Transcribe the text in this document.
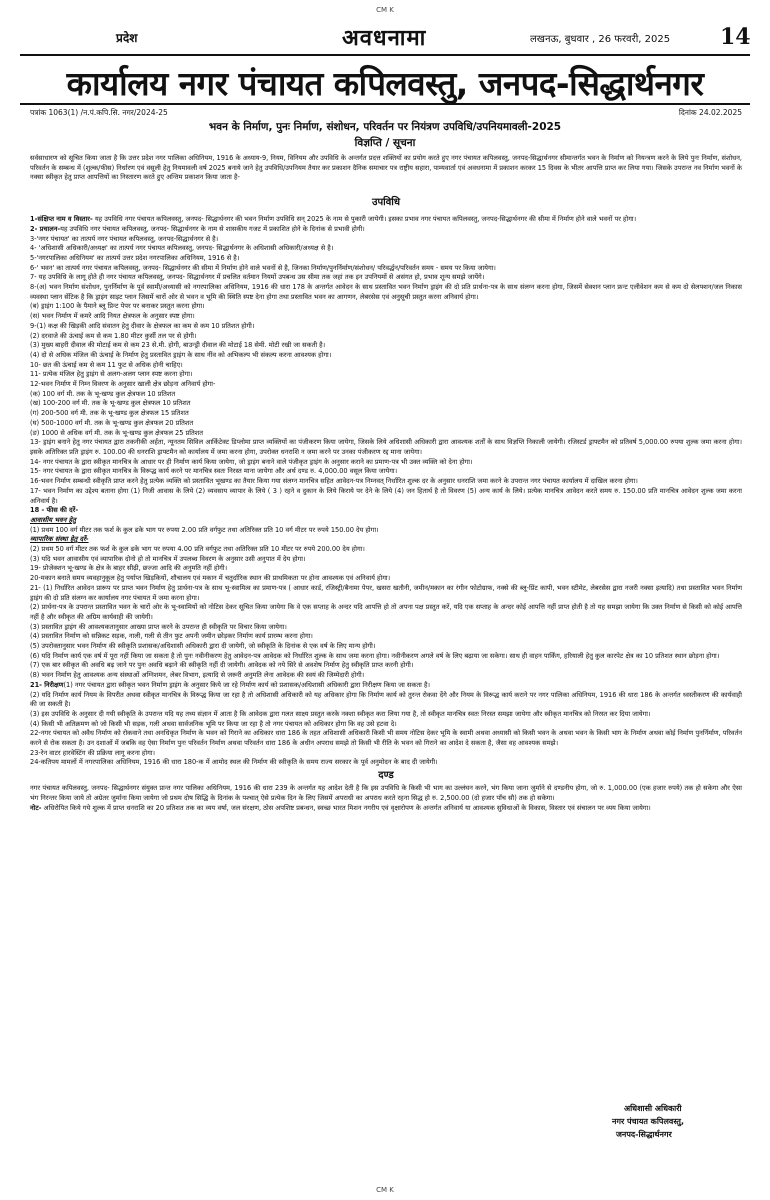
CM K
प्रदेश	अवधनामा	लखनऊ, बुधवार , 26 फरवरी, 2025 14
कार्यालय नगर पंचायत कपिलवस्तु, जनपद-सिद्धार्थनगर
पत्रांक 1063(1) /न.पं.कपि.सि. नगर/2024-25	दिनांक 24.02.2025
भवन के निर्माण, पुनः निर्माण, संशोधन, परिवर्तन पर नियंत्रण उपविधि/उपनियमावली-2025
विज्ञप्ति / सूचना

सर्वसाधारण को सूचित किया जाता है कि उत्तर प्रदेश नगर पालिका अधिनियम, 1916 के अध्याय-9, नियम, विनियम और उपविधि के अन्तर्गत प्रदत्त शक्तियों का प्रयोग करते हुए नगर पंचायत कपिलवस्तु, जनपद-सिद्धार्थनगर सीमान्तर्गत भवन के निर्माण को नियन्त्रण करने के लिये पुनः निर्माण, संशोधन, परिवर्तन के सम्बन्ध में (शुल्क/फीस) निर्धारण एवं वसूली हेतु नियमावली वर्ष 2025 बनाये जाने हेतु उपविधि/उपनियम तैयार कर प्रकाशन दैनिक समाचार पत्र राष्ट्रीय सहारा, पाम्यवार्ता एवं अवधनामा में प्रकाशन करकर 15 दिवस के भीतर आपत्ति प्राप्त कर लिया गया। जिसके उपरान्त नव निर्माण भवनों के नक्सा स्वीकृत हेतु प्राप्त आपत्तियों का निस्तारण करते हुए अन्तिम प्रकाशन किया जाता है-

उपविधि

1-संक्षिप्त नाम व विस्तार- यह उपविधि नगर पंचायत कपिलवस्तु, जनपद- सिद्धार्थनगर की भवन निर्माण उपविधि सन् 2025 के नाम से पुकारी जायेगी। इसका प्रभाव नगर पंचायत कपिलवस्तु, जनपद-सिद्धार्थनगर की सीमा में निर्माण होने वाले भवनों पर होगा।

2- प्रचालन-यह उपविधि नगर पंचायत कपिलवस्तु, जनपद- सिद्धार्थनगर के नाम से शासकीय गजट में प्रकाशित होने के दिनांक से प्रभावी होगी।

3-'नगर पंचायत' का तात्पर्य नगर पंचायत कपिलवस्तु, जनपद-सिद्धार्थनगर से है।

4- 'अधिशासी अधिकारी/अध्यक्ष' का तात्पर्य नगर पंचायत कपिलवस्तु, जनपद- सिद्धार्थनगर के अधिशासी अधिकारी/अध्यक्ष से है।

5-'नगरपालिका अधिनियम' का तात्पर्य उत्तर प्रदेश नगरपालिका अधिनियम, 1916 से है।

6-' भवन' का तात्पर्य नगर पंचायत कपिलवस्तु, जनपद- सिद्धार्थनगर की सीमा में निर्माण होने वाले भवनों से है, जिनका निर्माण/पुनर्निर्माण/संशोधन/ परिवर्द्धन/परिवर्तन समय - समय पर किया जायेगा।

7- यह उपविधि के लागू होते ही नगर पंचायत कपिलवस्तु, जनपद- सिद्धार्थनगर में प्रचलित वर्तमान नियमों उपबन्ध उस सीमा तक जहां तक इन उपनियमों से असंगत हो, प्रभाव शून्य समझे जायेंगे।

8-(अ) भवन निर्माण संशोधन, पुनर्निर्माण के पूर्व स्वामी/अध्यासी को नगरपालिका अधिनियम, 1916 की धारा 178 के अन्तर्गत आवेदन के साथ प्रस्तावित भवन निर्माण ड्राइंग की दो प्रति प्रार्थना-पत्र के साथ संलग्न करना होगा, जिसमें सेक्शन प्लान फ्रन्ट एलीवेशन कम से कम दो सेलफ्शन/जल निकास व्यवस्था प्लान सेंटिक है कि ड्राइंग साइट प्लान जिसमें चारों ओर से भवन व भूमि की स्थिति स्पष्ट देना होगा तथा प्रस्तावित भवन का आगणन, लेबरसेस एवं अनुसूची प्रस्तुत करना अनिवार्य होगा।

(ब) ड्राइंग 1:100 के पैमाने ब्लू प्रिन्ट पेपर पर बनाकर प्रस्तुत करना होगा।

(स) भवन निर्माण में कमरे आदि नियत क्षेत्रफल के अनुसार स्पष्ट होगा।

9-(1) कक्ष की खिड़की आदि संवातन हेतु दीवार के क्षेत्रफल का कम से कम 10 प्रतिशत होगी।

(2) दरवाजे की ऊंचाई कम से कम 1.80 मीटर कुर्सी तल पर से होगी।

(3) मुख्य बाहरी दीवाल की मोटाई कम से कम 23 से.मी. होगी, बाउन्ड्री दीवाल की मोटाई 18 सेमी. मोटी रखी जा सकती है।

(4) दो से अधिक मंजिल की ऊंचाई के निर्माण हेतु प्रस्तावित ड्राइंग के साथ नींव को अभिकल्प भी संकल्प करना आवश्यक होगा।

10- छत की ऊंचाई कम से कम 11 फुट से अधिक होनी चाहिए।

11- प्रत्येक मंजिल हेतु ड्राइंग से अलग-अलग प्लान स्पष्ट करना होगा।

12-भवन निर्माण में निम्न विवरण के अनुसार खाली क्षेत्र छोड़ना अनिवार्य होगा-

(क) 100 वर्ग मी. तक के भू-खण्ड कुल क्षेत्रफल 10 प्रतिशत

(ख) 100-200 वर्ग मी. तक के भू-खण्ड कुल क्षेत्रफल 10 प्रतिशत

(ग) 200-500 वर्ग मी. तक के भू-खण्ड कुल क्षेत्रफल 15 प्रतिशत

(घ) 500-1000 वर्ग मी. तक के भू-खण्ड कुल क्षेत्रफल 20 प्रतिशत

(ङ) 1000 से अधिक वर्ग मी. तक के भू-खण्ड कुल क्षेत्रफल 25 प्रतिशत

13- ड्राइंग बनाने हेतु नगर पंचायत द्वारा तकनीकी अर्हता, न्यूनतम सिविल आर्किटेक्ट डिप्लोमा प्राप्त व्यक्तियों का पंजीकरण किया जायेगा, जिसके लिये अधिशासी अधिकारी द्वारा आवश्यक शर्तों के साथ विज्ञप्ति निकाली जायेगी। रजिस्टर्ड ड्राफ्टमैन को प्रतिवर्ष 5,000.00 रुपया शुल्क जमा करना होगा। इसके अतिरिक्त प्रति ड्राइंग रु. 100.00 की धनराशि ड्राफ्टमैन को कार्यालय में जमा करना होगा, उपरोक्त धनराशि न जमा करने पर उनका पंजीकरण रद्द माना जायेगा।

14- नगर पंचायत के द्वारा स्वीकृत मानचित्र के आधार पर ही निर्माण कार्य किया जायेगा, जो ड्राइंग बनाने वाले पंजीकृत ड्राइंग के अनुसार कराने का प्रमाण-पत्र भी उक्त व्यक्ति को देना होगा।

15- नगर पंचायत के द्वारा स्वीकृत मानचित्र के विरूद्ध कार्य करने पर मानचित्र स्वतः निरस्त माना जायेगा और अर्थ दण्ड रु. 4,000.00 वसूल किया जायेगा।

16-भवन निर्माण सम्बन्धी स्वीकृति प्राप्त करने हेतु प्रत्येक व्यक्ति को प्रस्तावित भूखण्ड का तैयार किया गया संलग्न मानचित्र सहित आवेदन-पत्र निम्नवत् निर्धारित शुल्क दर के अनुसार धनराशि जमा करने के उपरान्त नगर पंचायत कार्यालय में दाखिल करना होगा।

17- भवन निर्माण का उद्देश्य बताना होगा (1) निजी आवास के लिये (2) व्यवसाय व्यापार के लिये ( 3 ) रहने व दुकान के लिये किराये पर देने के लिये (4) जन हितार्थ है तो विवरण (5) अन्य कार्य के लिये। प्रत्येक मानचित्र आवेदन करते समय रु. 150.00 प्रति मानचित्र आवेदन शुल्क जमा करना अनिवार्य है।

18 - फीस की दरें-

आवासीय भवन हेतु

(1) प्रथम 100 वर्ग मीटर तक फर्श के कुल ढके भाग पर रुपया 2.00 प्रति वर्गफुट तथा अतिरिक्त प्रति 10 वर्ग मीटर पर रुपये 150.00 देय होगा।

व्यापारिक संस्था हेतु दरें-

(2) प्रथम 50 वर्ग मीटर तक फर्श के कुल ढके भाग पर रुपया 4.00 प्रति वर्गफुट तथा अतिरिक्त प्रति 10 मीटर पर रुपये 200.00 देय होगा।

(3) यदि भवन आवासीय एवं व्यापारिक दोनो हो तो मानचित्र में उपलब्ध विवरण के अनुसार उसी अनुपात में देय होगा।

19- प्रोजेक्शन भू-खण्ड के क्षेत्र के बाहर सीढ़ी, छज्जा आदि की अनुमति नहीं होगी।

20-मकान बनाते समय व्यवहानुकूल हेतु पर्याप्त खिड़कियों, शौचालय एवं मकान में चतुर्दारिक स्थान की प्राथमिकता पर होना आवश्यक एवं अनिवार्य होगा।

21- (1) निर्धारित आवेदन प्रारूप पर प्राप्त भवन निर्माण हेतु प्रार्थना-पत्र के साथ भू-स्वामित्व का प्रमाण-पत्र ( आधार कार्ड, रजिस्ट्री/बैनामा पेपर, खसरा खतौनी, जमीन/मकान का रंगीन फोटोग्राफ, नक्से की ब्लू-प्रिंट कापी, भवन स्टीमेट, लेबरसेस द्वारा नजरी नक्सा इत्यादि) तथा प्रस्तावित भवन निर्माण ड्राइंग की दो प्रति संलग्न कर कार्यालय नगर पंचायत में जमा करना होगा।

(2) प्रार्थना-पत्र के उपरान्त प्रस्तावित भवन के चारों ओर के भू-स्वामियों को नोटिस देकर सूचित किया जायेगा कि वे एक सप्ताह के अन्दर यदि आपत्ति हो तो अपना पक्ष प्रस्तुत करें, यदि एक सप्ताह के अन्दर कोई आपत्ति नहीं प्राप्त होती है तो यह समझा जायेगा कि उक्त निर्माण से किसी को कोई आपत्ति नहीं है और स्वीकृत की अग्रिम कार्यवाही की जायेगी।

(3) प्रस्तावित ड्राइंग की आवश्यकतानुसार आख्या प्राप्त करने के उपरान्त ही स्वीकृति पर विचार किया जायेगा।

(4) प्रस्तावित निर्माण को सन्निकट सड़क, नाली, गली से तीन फुट अपनी जमीन छोड़कर निर्माण कार्य प्रारम्भ करना होगा।

(5) उपरोक्तानुसार भवन निर्माण की स्वीकृति प्रशासक/अधिशासी अधिकारी द्वारा दी जायेगी, जो स्वीकृति के दिनांक से एक वर्ष के लिए मान्य होगी।

(6) यदि निर्माण कार्य एक वर्ष में पूरा नहीं किया जा सकता है तो पुनः नवीनीकरण हेतु आवेदन-पत्र आवेदक को निर्धारित शुल्क के साथ जमा करना होगा। नवीनीकरण अगले वर्ष के लिए बढ़ाया जा सकेगा। साथ ही वाहन पार्किंग, हरियाली हेतु कुल कारपेट क्षेत्र का 10 प्रतिशत स्थान छोड़ना होगा।

(7) एक बार स्वीकृत की अवधि बढ़ जाने पर पुनः अवधि बढ़ाने की स्वीकृति नहीं दी जायेगी। आवेदक को नये सिरे से अवशेष निर्माण हेतु स्वीकृति प्राप्त करनी होगी।

(8) भवन निर्माण हेतु आवश्यक अन्य संस्थाओं अग्निशमन, लेबर विभाग, इत्यादि से जरूरी अनुमति लेना आवेदक की स्वयं की जिम्मेदारी होगी।

21- निरीक्षण(1) नगर पंचायत द्वारा स्वीकृत भवन निर्माण ड्राइंग के अनुसार किये जा रहे निर्माण कार्य को प्रशासक/अधिशासी अधिकारी द्वारा निरीक्षण किया जा सकता है।

(2) यदि निर्माण कार्य नियम के विपरीत अथवा स्वीकृत मानचित्र के विरूद्ध किया जा रहा है तो अधिशासी अधिकारी को यह अधिकार होगा कि निर्माण कार्य को तुरन्त रोकवा देंगे और नियम के विरूद्ध कार्य कराने पर नगर पालिका अधिनियम, 1916 की धारा 186 के अन्तर्गत ध्वस्तीकरण की कार्यवाही की जा सकती है।

(3) इस उपविधि के अनुसार दी गयी स्वीकृति के उपरान्त यदि यह तथ्य संज्ञान में आता है कि आवेदक द्वारा गलत साक्ष्य प्रस्तुत करके नक्शा स्वीकृत करा लिया गया है, तो स्वीकृत मानचित्र स्वतः निरस्त समझा जायेगा और स्वीकृत मानचित्र को निरस्त कर दिया जायेगा।

(4) किसी भी अतिक्रमण को जो किसी भी सड़क, गली अथवा सार्वजनिक भूमि पर किया जा रहा है तो नगर पंचायत को अधिकार होगा कि वह उसे हटवा दे।

22-नगर पंचायत को अवैध निर्माण को रोकवाने तथा अनधिकृत निर्माण के भवन को गिराने का अधिकार धारा 186 के तहत अधिशासी अधिकारी किसी भी समय नोटिस देकर भूमि के स्वामी अथवा अध्यासी को किसी भवन के अथवा भवन के किसी भाग के निर्माण अथवा कोई निर्माण पुनर्निर्माण, परिवर्तन करने से रोक सकता है। उन दशाओं में जबकि वह ऐसा निर्माण पुनः परिवर्तन निर्माण अथवा परिवर्तन धारा 186 के अधीन अपराध समझे तो किसी भी रीति के भवन को गिराने का आदेश दे सकता है, जैसा वह आवश्यक समझे।

23-रेन वाटर हारवेस्टिंग की प्रक्रिया लागू करना होगा।

24-कतिपय मामलों में नगरपालिका अधिनियम, 1916 की धारा 180-क में आमोद स्थल की निर्माण की स्वीकृति के समय राज्य सरकार के पूर्व अनुमोदन के बाद दी जायेगी।

दण्ड

नगर पंचायत कपिलवस्तु, जनपद- सिद्धार्थनगर संयुक्त प्रान्त नगर पालिका अधिनियम, 1916 की धारा 239 के अन्तर्गत यह आदेश देती है कि इस उपविधि के किसी भी भाग का उल्लंघन करने, भंग किया जाना जुर्माने से दण्डनीय होगा, जो रु. 1,000.00 (एक हजार रुपये) तक हो सकेगा और ऐसा भंग निरन्तर किया जाये तो अग्रेतर जुर्माना किया जायेगा जो प्रथम दोष सिद्धि के दिनांक के पश्चात् ऐसे प्रत्येक दिन के लिए जिसमें अपराधी का अपराध करते रहना सिद्ध हो रु. 2,500.00 (दो हजार पाँच सौ) तक हो सकेगा।

नोट- अधिरोपित किये गये शुल्क में प्राप्त धनराशि का 20 प्रतिशत तक का व्यय वर्षा, जल संरक्षण, ठोस अपशिष्ट प्रबन्धन, स्वच्छ भारत मिशन नगरीय एवं वृक्षारोपण के अन्तर्गत अनिवार्य या आवश्यक सुविधाओं के विकास, विस्तार एवं संचालन पर व्यय किया जायेगा।

अधिशासी अधिकारी
नगर पंचायत कपिलवस्तु,
जनपद-सिद्धार्थनगर
CM K
